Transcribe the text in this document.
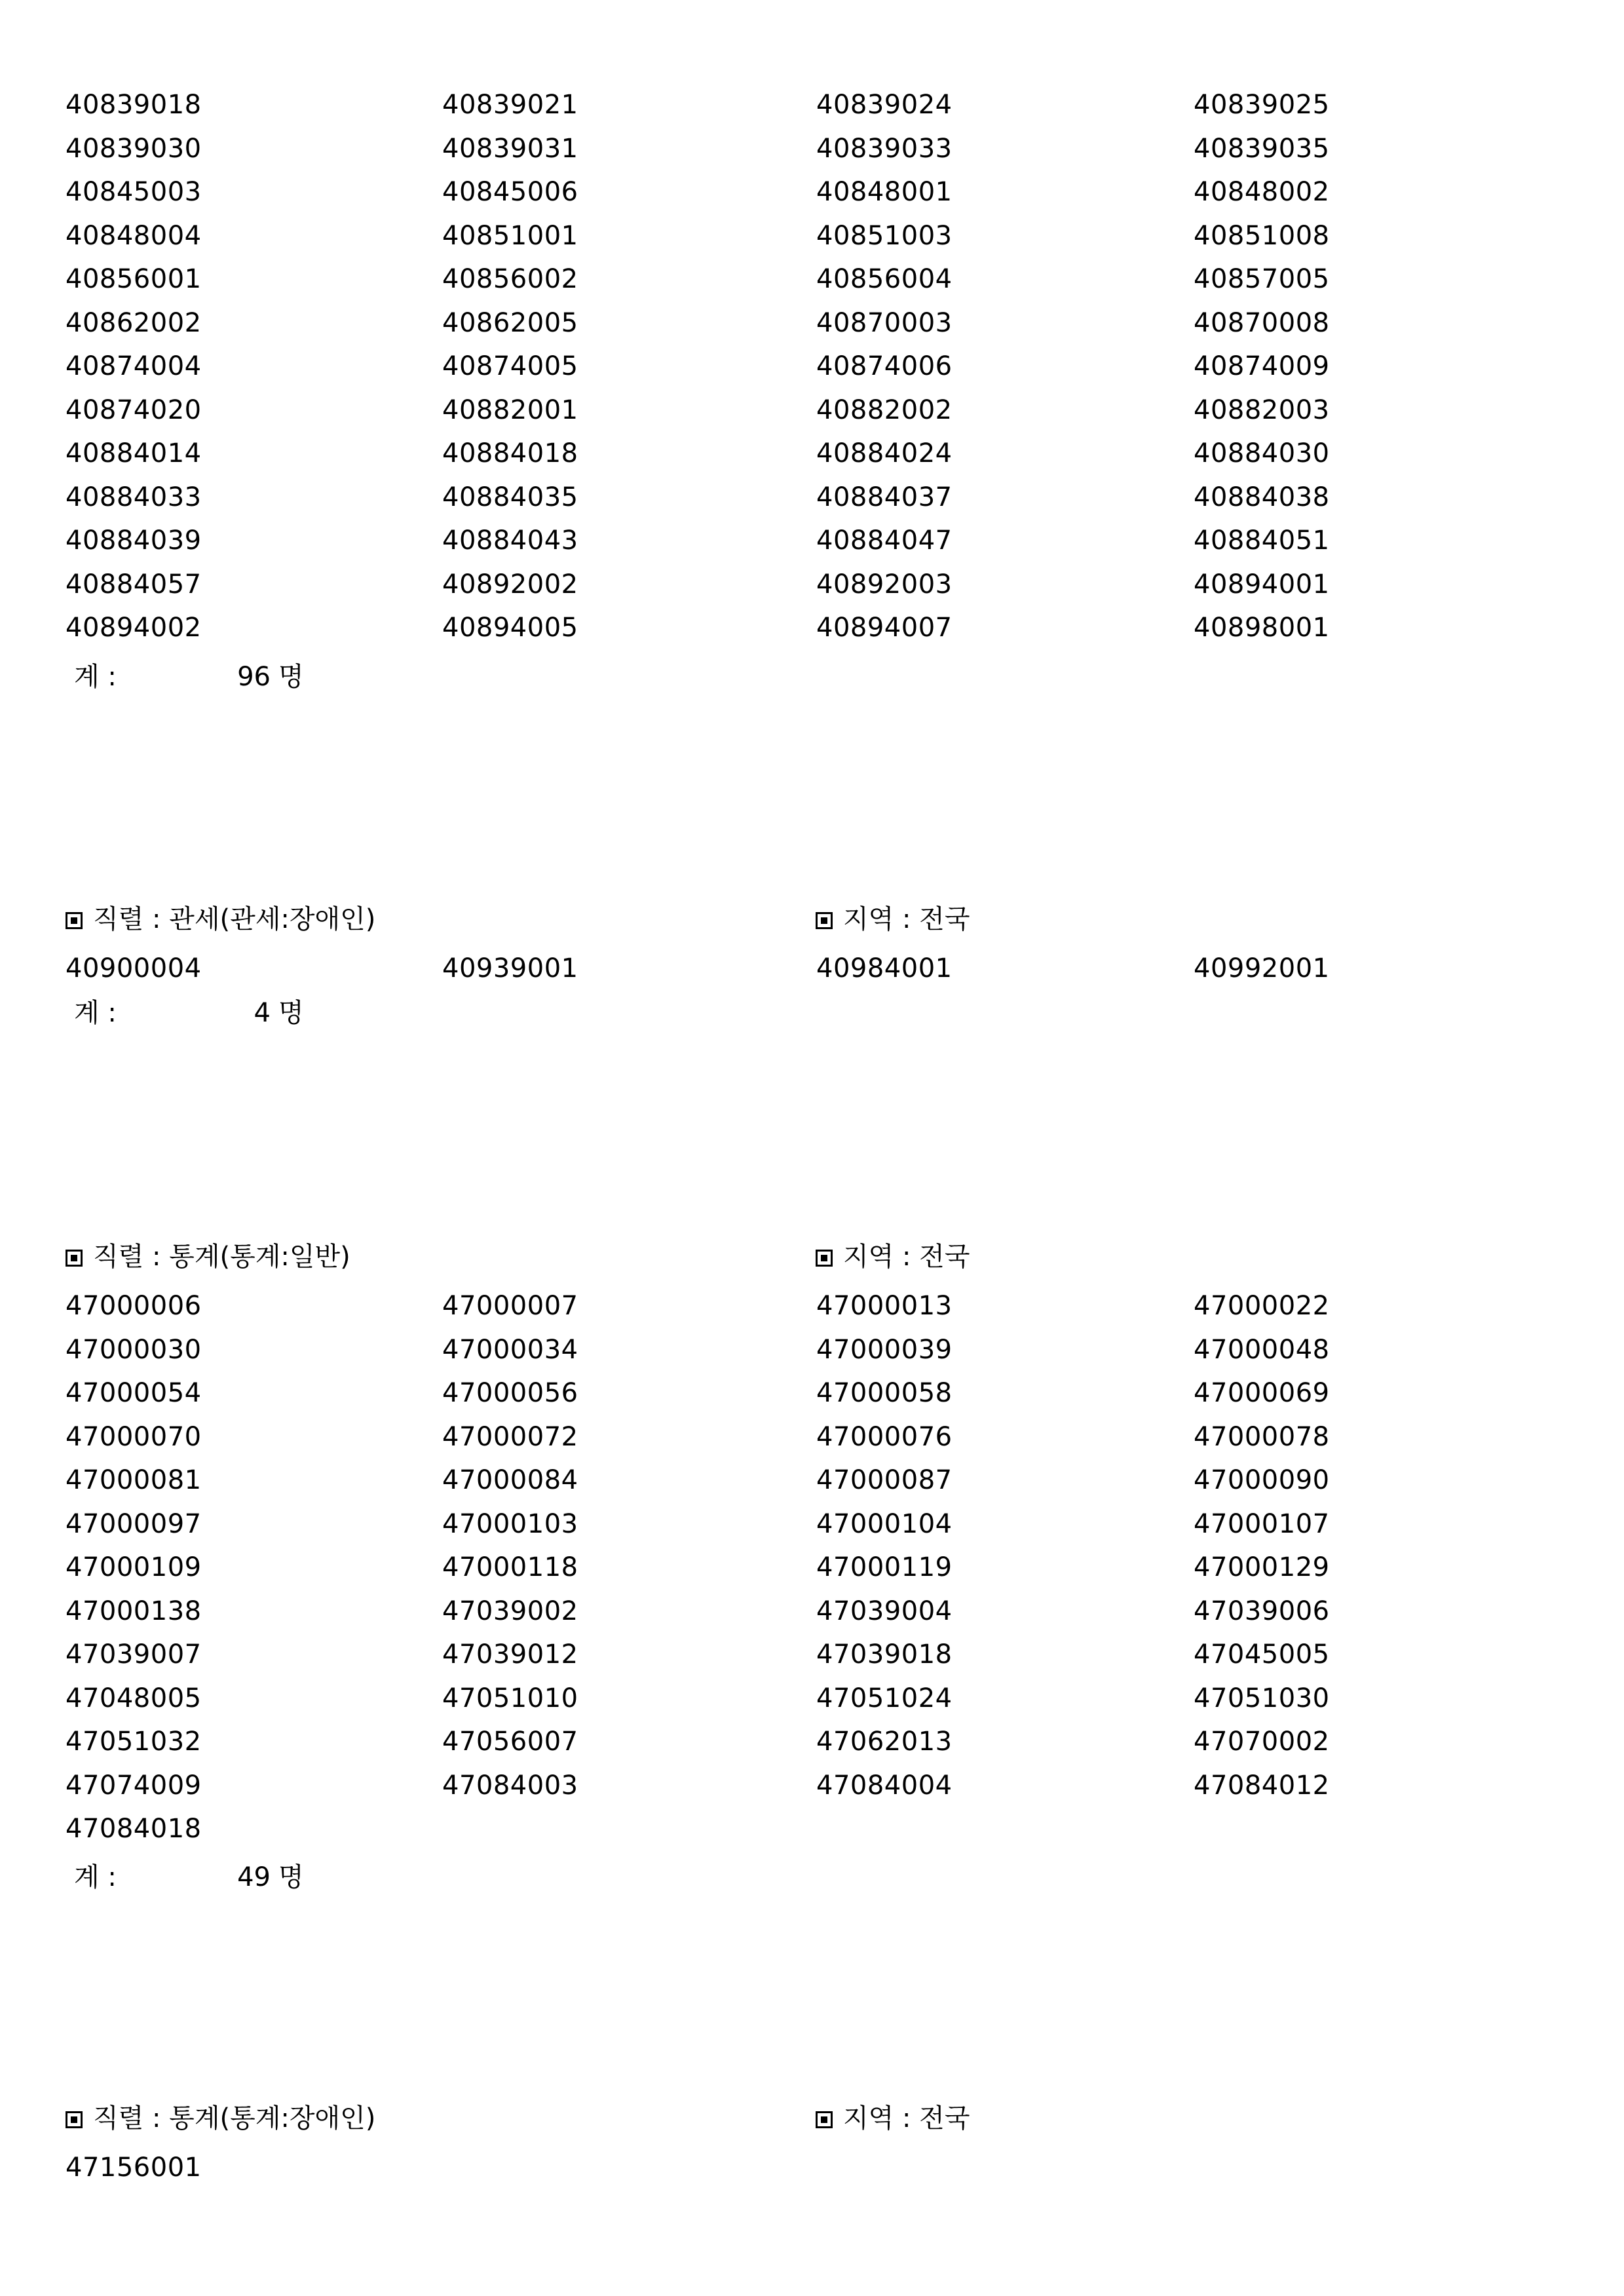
40839018	40839021	40839024	40839025
40839030	40839031	40839033	40839035
40845003	40845006	40848001	40848002
40848004	40851001	40851003	40851008
40856001	40856002	40856004	40857005
40862002	40862005	40870003	40870008
40874004	40874005	40874006	40874009
40874020	40882001	40882002	40882003
40884014	40884018	40884024	40884030
40884033	40884035	40884037	40884038
40884039	40884043	40884047	40884051
40884057	40892002	40892003	40894001
40894002	40894005	40894007	40898001
계 :	96 명
직렬 : 관세(관세:장애인)	지역 : 전국
40900004	40939001	40984001	40992001
계 :	4 명
직렬 : 통계(통계:일반)	지역 : 전국
47000006	47000007	47000013	47000022
47000030	47000034	47000039	47000048
47000054	47000056	47000058	47000069
47000070	47000072	47000076	47000078
47000081	47000084	47000087	47000090
47000097	47000103	47000104	47000107
47000109	47000118	47000119	47000129
47000138	47039002	47039004	47039006
47039007	47039012	47039018	47045005
47048005	47051010	47051024	47051030
47051032	47056007	47062013	47070002
47074009	47084003	47084004	47084012
47084018
계 :	49 명
직렬 : 통계(통계:장애인)	지역 : 전국
47156001
